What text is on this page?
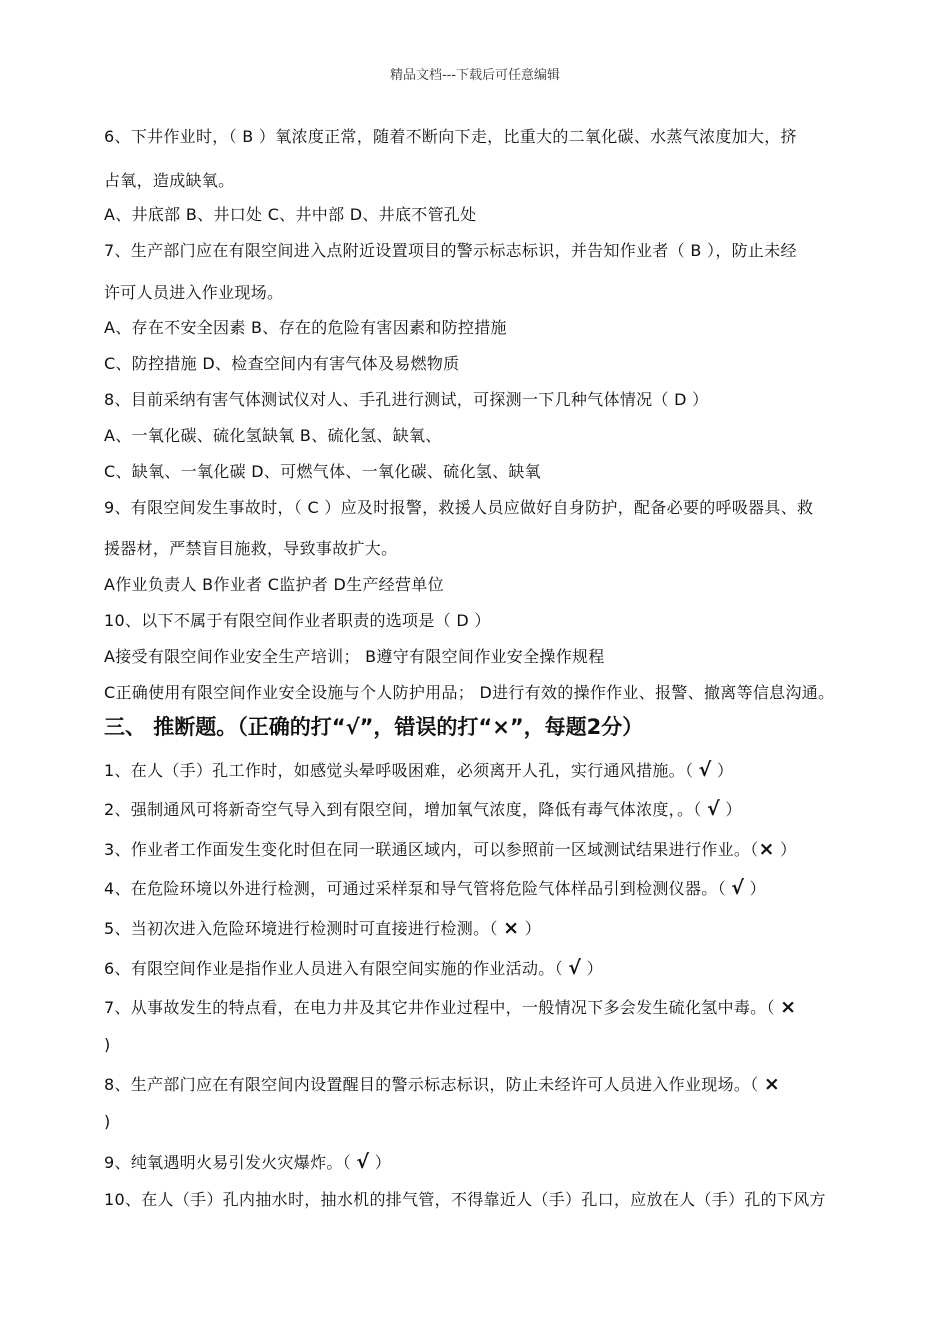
精品文档---下载后可任意编辑
6、下井作业时，（ B ）氧浓度正常，随着不断向下走，比重大的二氧化碳、水蒸气浓度加大，挤
占氧，造成缺氧。
A、井底部 B、井口处 C、井中部 D、井底不管孔处
7、生产部门应在有限空间进入点附近设置项目的警示标志标识，并告知作业者（ B ），防止未经
许可人员进入作业现场。
A、存在不安全因素 B、存在的危险有害因素和防控措施
C、防控措施 D、检查空间内有害气体及易燃物质
8、目前采纳有害气体测试仪对人、手孔进行测试，可探测一下几种气体情况（ D ）
A、一氧化碳、硫化氢缺氧 B、硫化氢、缺氧、
C、缺氧、一氧化碳 D、可燃气体、一氧化碳、硫化氢、缺氧
9、有限空间发生事故时，（ C ）应及时报警，救援人员应做好自身防护，配备必要的呼吸器具、救
援器材，严禁盲目施救，导致事故扩大。
A作业负责人 B作业者 C监护者 D生产经营单位
10、以下不属于有限空间作业者职责的选项是（ D ）
A接受有限空间作业安全生产培训； B遵守有限空间作业安全操作规程
C正确使用有限空间作业安全设施与个人防护用品； D进行有效的操作作业、报警、撤离等信息沟通。
三、 推断题。（正确的打“√”，错误的打“×”，每题2分）
1、在人（手）孔工作时，如感觉头晕呼吸困难，必须离开人孔，实行通风措施。（ √ ）
2、强制通风可将新奇空气导入到有限空间，增加氧气浓度，降低有毒气体浓度，。（ √ ）
3、作业者工作面发生变化时但在同一联通区域内，可以参照前一区域测试结果进行作业。（× ）
4、在危险环境以外进行检测，可通过采样泵和导气管将危险气体样品引到检测仪器。（ √ ）
5、当初次进入危险环境进行检测时可直接进行检测。（ × ）
6、有限空间作业是指作业人员进入有限空间实施的作业活动。（ √ ）
7、从事故发生的特点看，在电力井及其它井作业过程中，一般情况下多会发生硫化氢中毒。（ ×
)
8、生产部门应在有限空间内设置醒目的警示标志标识，防止未经许可人员进入作业现场。（ ×
)
9、纯氧遇明火易引发火灾爆炸。（ √ ）
10、在人（手）孔内抽水时，抽水机的排气管，不得靠近人（手）孔口，应放在人（手）孔的下风方
